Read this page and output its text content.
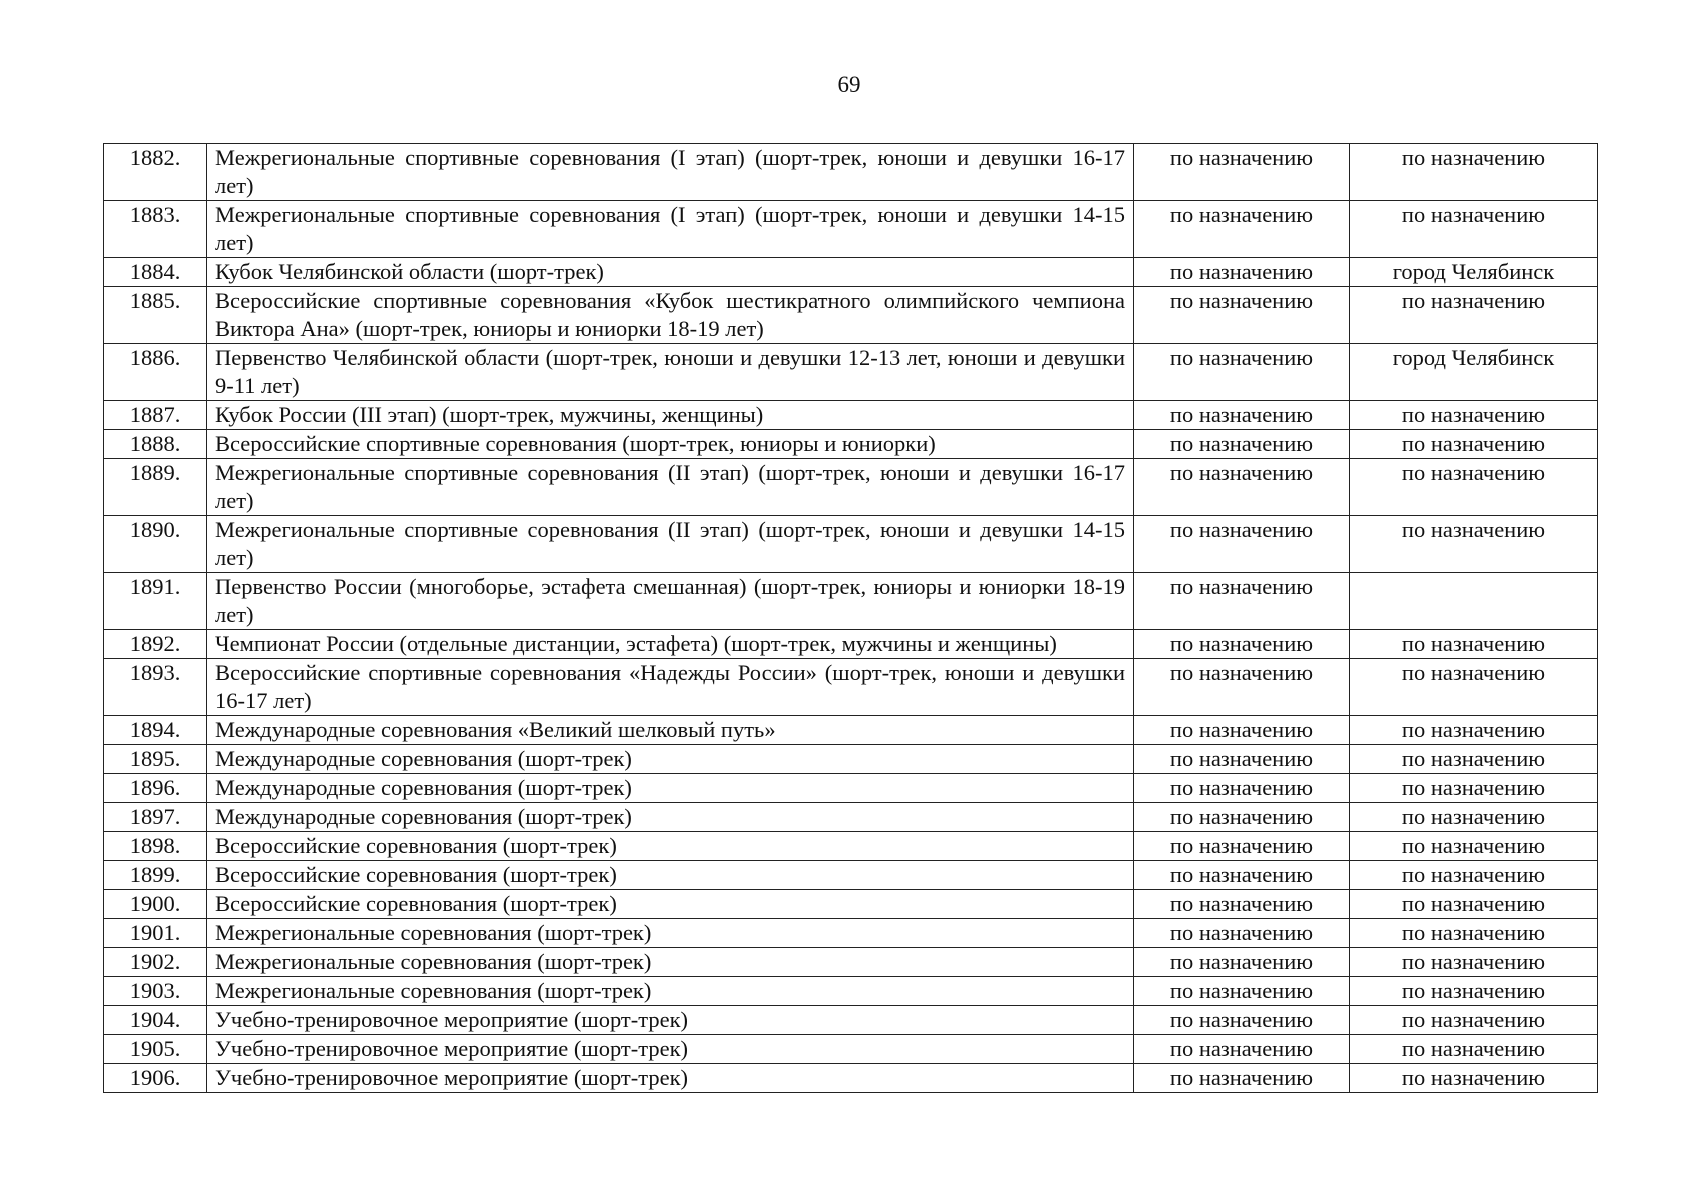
69
1882.	Межрегиональные спортивные соревнования (I этап) (шорт-трек, юноши и девушки 16-17 лет)	по назначению	по назначению
1883.	Межрегиональные спортивные соревнования (I этап) (шорт-трек, юноши и девушки 14-15 лет)	по назначению	по назначению
1884.	Кубок Челябинской области (шорт-трек)	по назначению	город Челябинск
1885.	Всероссийские спортивные соревнования «Кубок шестикратного олимпийского чемпиона Виктора Ана» (шорт-трек, юниоры и юниорки 18-19 лет)	по назначению	по назначению
1886.	Первенство Челябинской области (шорт-трек, юноши и девушки 12-13 лет, юноши и девушки 9-11 лет)	по назначению	город Челябинск
1887.	Кубок России (III этап) (шорт-трек, мужчины, женщины)	по назначению	по назначению
1888.	Всероссийские спортивные соревнования (шорт-трек, юниоры и юниорки)	по назначению	по назначению
1889.	Межрегиональные спортивные соревнования (II этап) (шорт-трек, юноши и девушки 16-17 лет)	по назначению	по назначению
1890.	Межрегиональные спортивные соревнования (II этап) (шорт-трек, юноши и девушки 14-15 лет)	по назначению	по назначению
1891.	Первенство России (многоборье, эстафета смешанная) (шорт-трек, юниоры и юниорки 18-19 лет)	по назначению	
1892.	Чемпионат России (отдельные дистанции, эстафета) (шорт-трек, мужчины и женщины)	по назначению	по назначению
1893.	Всероссийские спортивные соревнования «Надежды России» (шорт-трек, юноши и девушки 16-17 лет)	по назначению	по назначению
1894.	Международные соревнования «Великий шелковый путь»	по назначению	по назначению
1895.	Международные соревнования (шорт-трек)	по назначению	по назначению
1896.	Международные соревнования (шорт-трек)	по назначению	по назначению
1897.	Международные соревнования (шорт-трек)	по назначению	по назначению
1898.	Всероссийские соревнования (шорт-трек)	по назначению	по назначению
1899.	Всероссийские соревнования (шорт-трек)	по назначению	по назначению
1900.	Всероссийские соревнования (шорт-трек)	по назначению	по назначению
1901.	Межрегиональные соревнования (шорт-трек)	по назначению	по назначению
1902.	Межрегиональные соревнования (шорт-трек)	по назначению	по назначению
1903.	Межрегиональные соревнования (шорт-трек)	по назначению	по назначению
1904.	Учебно-тренировочное мероприятие (шорт-трек)	по назначению	по назначению
1905.	Учебно-тренировочное мероприятие (шорт-трек)	по назначению	по назначению
1906.	Учебно-тренировочное мероприятие (шорт-трек)	по назначению	по назначению
